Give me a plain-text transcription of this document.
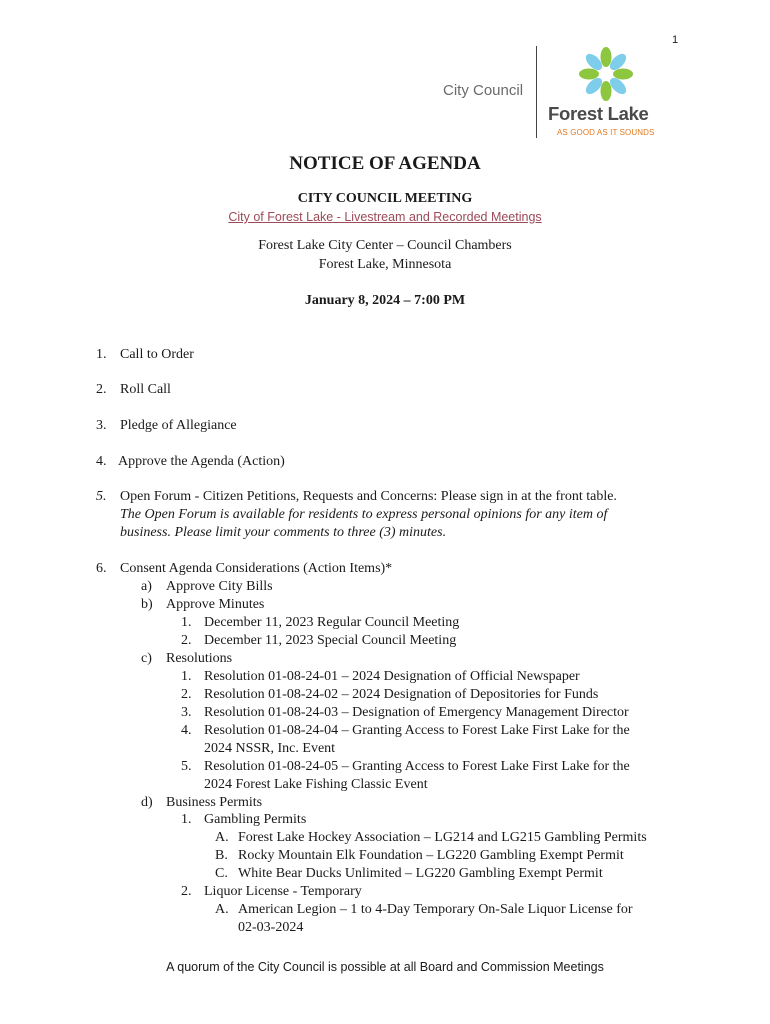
1
City Council
Forest Lake
AS GOOD AS IT SOUNDS
NOTICE OF AGENDA
CITY COUNCIL MEETING
City of Forest Lake - Livestream and Recorded Meetings
Forest Lake City Center – Council Chambers
Forest Lake, Minnesota
January 8, 2024 – 7:00 PM
1. Call to Order
2. Roll Call
3. Pledge of Allegiance
4. Approve the Agenda (Action)
5. Open Forum - Citizen Petitions, Requests and Concerns: Please sign in at the front table.
The Open Forum is available for residents to express personal opinions for any item of
business. Please limit your comments to three (3) minutes.
6. Consent Agenda Considerations (Action Items)*
a) Approve City Bills
b) Approve Minutes
1. December 11, 2023 Regular Council Meeting
2. December 11, 2023 Special Council Meeting
c) Resolutions
1. Resolution 01-08-24-01 – 2024 Designation of Official Newspaper
2. Resolution 01-08-24-02 – 2024 Designation of Depositories for Funds
3. Resolution 01-08-24-03 – Designation of Emergency Management Director
4. Resolution 01-08-24-04 – Granting Access to Forest Lake First Lake for the
2024 NSSR, Inc. Event
5. Resolution 01-08-24-05 – Granting Access to Forest Lake First Lake for the
2024 Forest Lake Fishing Classic Event
d) Business Permits
1. Gambling Permits
A. Forest Lake Hockey Association – LG214 and LG215 Gambling Permits
B. Rocky Mountain Elk Foundation – LG220 Gambling Exempt Permit
C. White Bear Ducks Unlimited – LG220 Gambling Exempt Permit
2. Liquor License - Temporary
A. American Legion – 1 to 4-Day Temporary On-Sale Liquor License for
02-03-2024
A quorum of the City Council is possible at all Board and Commission Meetings
